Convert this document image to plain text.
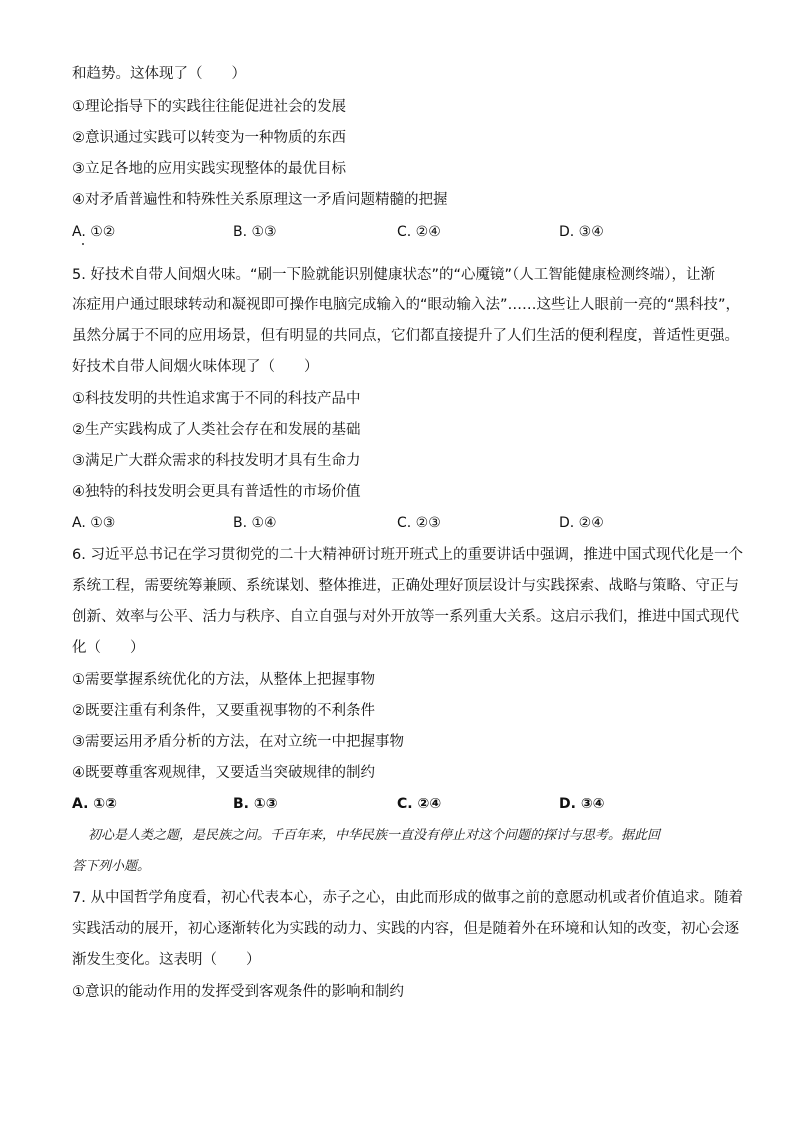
和趋势。这体现了（　　）
①理论指导下的实践往往能促进社会的发展
②意识通过实践可以转变为一种物质的东西
③立足各地的应用实践实现整体的最优目标
④对矛盾普遍性和特殊性关系原理这一矛盾问题精髓的把握
A. ①②	B. ①③	C. ②④	D. ③④
5. 好技术自带人间烟火味。“刷一下脸就能识别健康状态”的“心魇镜”（人工智能健康检测终端），让渐
冻症用户通过眼球转动和凝视即可操作电脑完成输入的“眼动输入法”……这些让人眼前一亮的“黑科技”，
虽然分属于不同的应用场景，但有明显的共同点，它们都直接提升了人们生活的便利程度，普适性更强。
好技术自带人间烟火味体现了（　　）
①科技发明的共性追求寓于不同的科技产品中
②生产实践构成了人类社会存在和发展的基础
③满足广大群众需求的科技发明才具有生命力
④独特的科技发明会更具有普适性的市场价值
A. ①③	B. ①④	C. ②③	D. ②④
6. 习近平总书记在学习贯彻党的二十大精神研讨班开班式上的重要讲话中强调，推进中国式现代化是一个
系统工程，需要统筹兼顾、系统谋划、整体推进，正确处理好顶层设计与实践探索、战略与策略、守正与
创新、效率与公平、活力与秩序、自立自强与对外开放等一系列重大关系。这启示我们，推进中国式现代
化（　　）
①需要掌握系统优化的方法，从整体上把握事物
②既要注重有利条件，又要重视事物的不利条件
③需要运用矛盾分析的方法，在对立统一中把握事物
④既要尊重客观规律，又要适当突破规律的制约
A. ①②	B. ①③	C. ②④	D. ③④
初心是人类之题，是民族之问。千百年来，中华民族一直没有停止对这个问题的探讨与思考。据此回
答下列小题。
7. 从中国哲学角度看，初心代表本心，赤子之心，由此而形成的做事之前的意愿动机或者价值追求。随着
实践活动的展开，初心逐渐转化为实践的动力、实践的内容，但是随着外在环境和认知的改变，初心会逐
渐发生变化。这表明（　　）
①意识的能动作用的发挥受到客观条件的影响和制约
